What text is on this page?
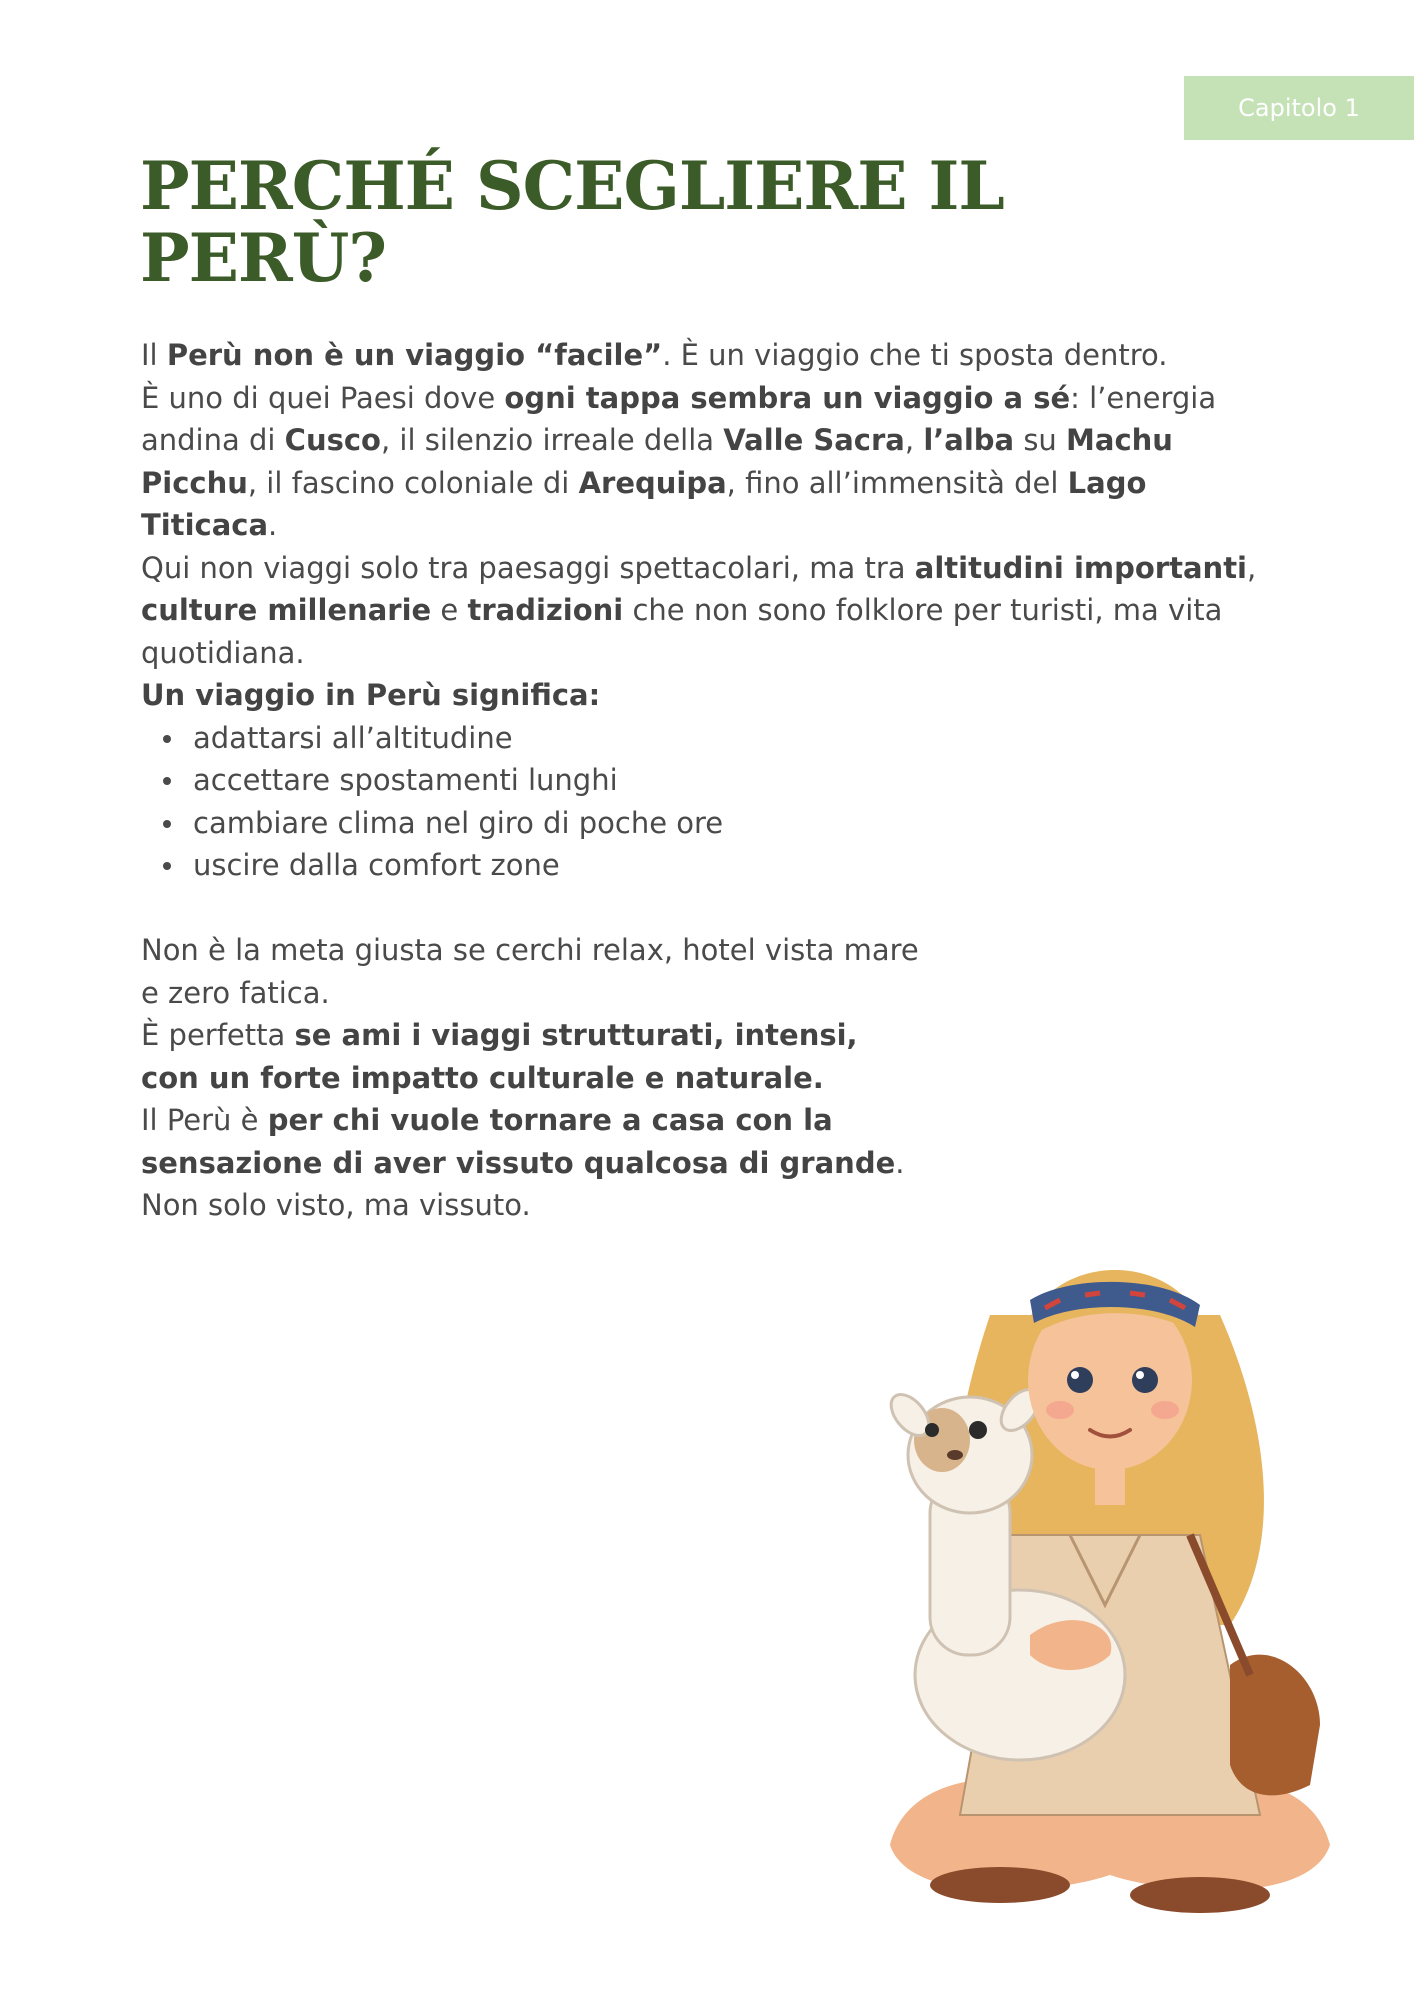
Capitolo 1
PERCHÉ SCEGLIERE IL
PERÙ?

Il Perù non è un viaggio “facile”. È un viaggio che ti sposta dentro.

È uno di quei Paesi dove ogni tappa sembra un viaggio a sé: l’energia andina di Cusco, il silenzio irreale della Valle Sacra, l’alba su Machu Picchu, il fascino coloniale di Arequipa, fino all’immensità del Lago Titicaca.

Qui non viaggi solo tra paesaggi spettacolari, ma tra altitudini importanti, culture millenarie e tradizioni che non sono folklore per turisti, ma vita quotidiana.

Un viaggio in Perù significa:

adattarsi all’altitudine
accettare spostamenti lunghi
cambiare clima nel giro di poche ore
uscire dalla comfort zone

Non è la meta giusta se cerchi relax, hotel vista mare e zero fatica.

È perfetta se ami i viaggi strutturati, intensi, con un forte impatto culturale e naturale.

Il Perù è per chi vuole tornare a casa con la sensazione di aver vissuto qualcosa di grande.

Non solo visto, ma vissuto.
